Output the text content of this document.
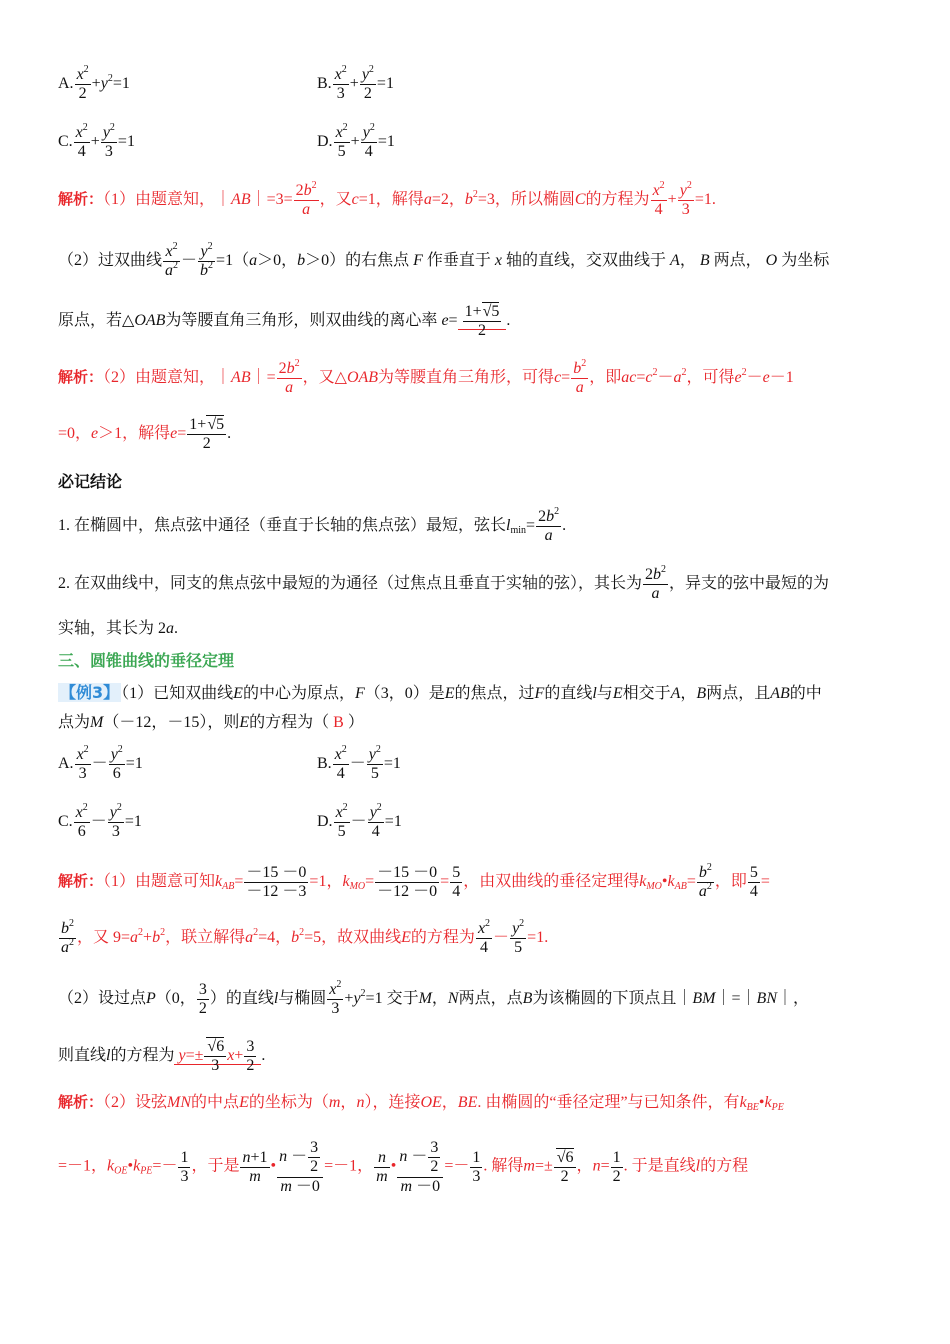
A. $\frac{x^2}{2} +y^2=1$	B. $\frac{x^2}{3} + \frac{y^2}{2} =1$
C. $\frac{x^2}{4} + \frac{y^2}{3} =1$	D. $\frac{x^2}{5} + \frac{y^2}{4} =1$
解析：（1）由题意知，｜AB｜=3= $\frac{2b^2}{a}$ ，又c=1，解得a=2，$b^2=3$，所以椭圆C的方程为 $\frac{x^2}{4} + \frac{y^2}{3} =1$.
（2）过双曲线 $\frac{x^2}{a^2} - \frac{y^2}{b^2} =1(a>0$，b＞0）的右焦点 F 作垂直于 x 轴的直线，交双曲线于 A， B 两点， O 为坐标
原点，若△OAB为等腰直角三角形，则双曲线的离心率 $e= \frac{1+√5}{2}$ .
解析：（2）由题意知，｜AB｜= $\frac{2b^2}{a}$ ，又△OAB为等腰直角三角形，可得$c= \frac{b^2}{a}$ ，即$ac=c^2-a^2$，可得$e^2-e-1$
=0，e＞1，解得$e= \frac{1+√5}{2}$ .
必记结论
1. 在椭圆中，焦点弦中通径（垂直于长轴的焦点弦）最短，弦长$l_{min}= \frac{2b^2}{a}$ .
2. 在双曲线中，同支的焦点弦中最短的为通径（过焦点且垂直于实轴的弦），其长为 $\frac{2b^2}{a}$ ，异支的弦中最短的为
实轴，其长为 2a.
三、圆锥曲线的垂径定理
【例3】 （1）已知双曲线E的中心为原点，F（3，0）是E的焦点，过F的直线l与E相交于A，B两点，且AB的中
点为M（－12，－15），则E的方程为（ B ）
A. $\frac{x^2}{3} - \frac{y^2}{6} =1$	B. $\frac{x^2}{4} - \frac{y^2}{5} =1$
C. $\frac{x^2}{6} - \frac{y^2}{3} =1$	D. $\frac{x^2}{5} - \frac{y^2}{4} =1$
解析：（1）由题意可知$k_{AB}= \frac{-15 -0}{-12 -3} =1$，$k_{MO}= \frac{-15 -0}{-12 -0} = \frac{5}{4}$ ，由双曲线的垂径定理得$k_{MO}•k_{AB}= \frac{b^2}{a^2}$ ，即 $\frac{5}{4}$ =
$\frac{b^2}{a^2}$ ，又 $9=a^2+b^2$，联立解得$a^2=4$，$b^2=5$，故双曲线E的方程为 $\frac{x^2}{4} - \frac{y^2}{5} =1$.
（2）设过点P（0， $\frac{3}{2}$ ）的直线l与椭圆 $\frac{x^2}{3} +y^2=1$ 交于M，N两点，点B为该椭圆的下顶点且｜BM｜=｜BN｜，
则直线l的方程为 $y=\pm \frac{√6}{3} x+ \frac{3}{2}$ .
解析：（2）设弦MN的中点E的坐标为（m，n），连接OE，BE. 由椭圆的“垂径定理”与已知条件，有$k_{BE}•k_{PE}$
=－1，$k_{OE}•k_{PE}=- \frac{1}{3}$ ，于是 $\frac{n+1}{m}$ • $\frac{n - \frac{3}{2}}{m -0} =-1$， $\frac{n}{m}$ • $\frac{n - \frac{3}{2}}{m -0} =- \frac{1}{3}$ . 解得$m=\pm \frac{√6}{2}$ ，$n= \frac{1}{2}$ . 于是直线l的方程
